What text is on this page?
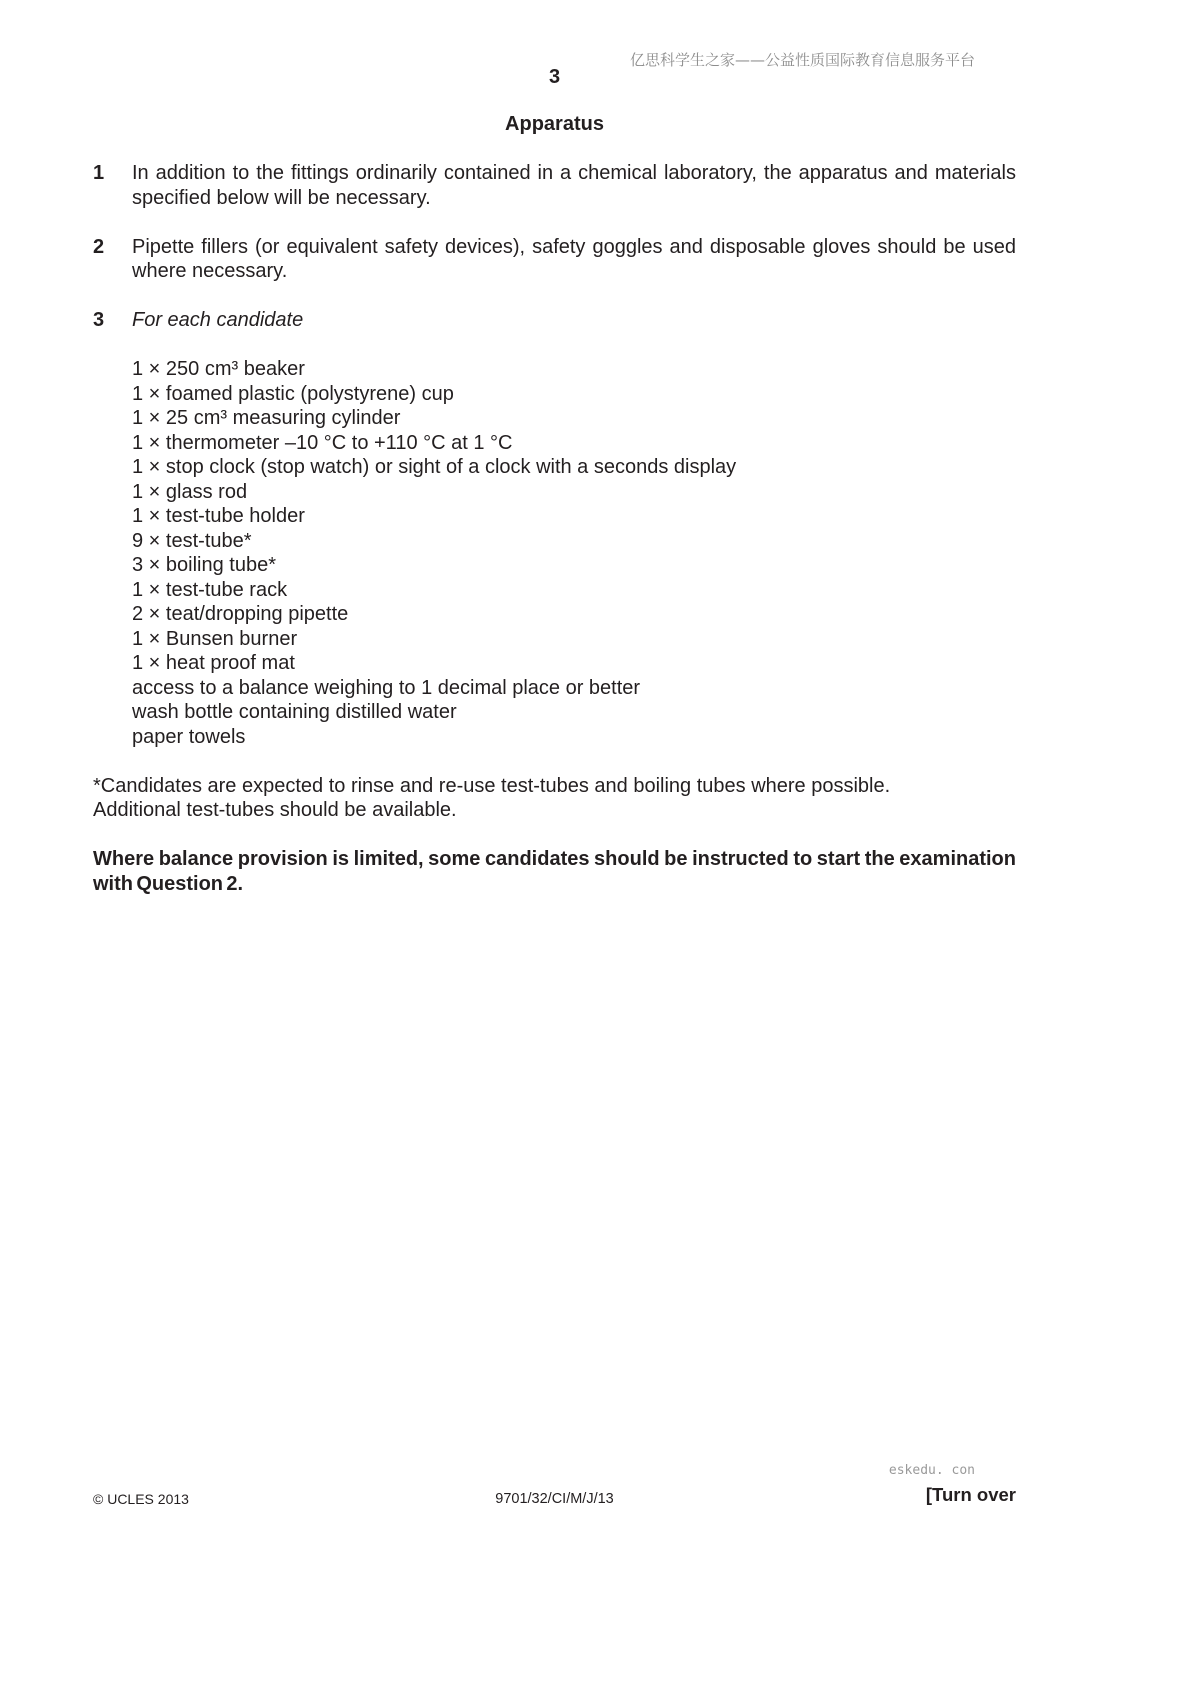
亿思科学生之家——公益性质国际教育信息服务平台
3
Apparatus
1 In addition to the fittings ordinarily contained in a chemical laboratory, the apparatus and materials specified below will be necessary.
2 Pipette fillers (or equivalent safety devices), safety goggles and disposable gloves should be used where necessary.
3 For each candidate
1 × 250 cm³ beaker
1 × foamed plastic (polystyrene) cup
1 × 25 cm³ measuring cylinder
1 × thermometer –10 °C to +110 °C at 1 °C
1 × stop clock (stop watch) or sight of a clock with a seconds display
1 × glass rod
1 × test-tube holder
9 × test-tube*
3 × boiling tube*
1 × test-tube rack
2 × teat/dropping pipette
1 × Bunsen burner
1 × heat proof mat
access to a balance weighing to 1 decimal place or better
wash bottle containing distilled water
paper towels
*Candidates are expected to rinse and re-use test-tubes and boiling tubes where possible.
Additional test-tubes should be available.
Where balance provision is limited, some candidates should be instructed to start the examination with Question 2.
eskedu. con
© UCLES 2013	9701/32/CI/M/J/13	[Turn over
